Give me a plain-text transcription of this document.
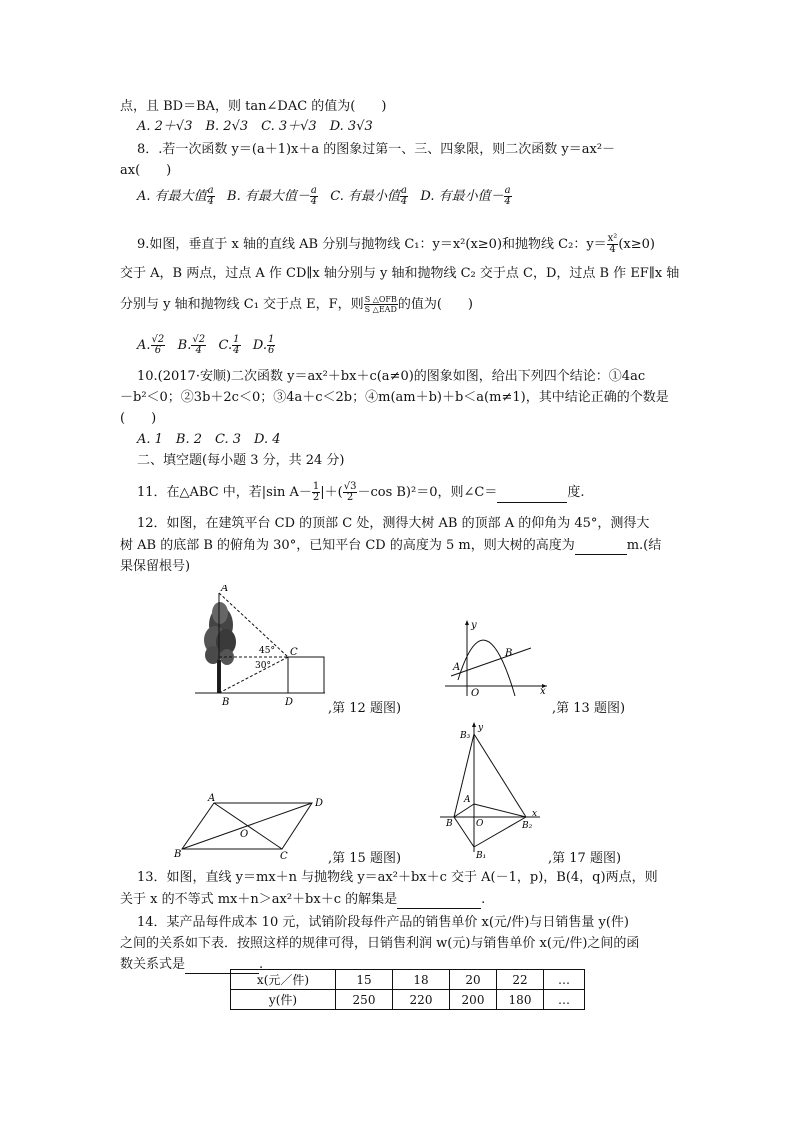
点，且 BD＝BA，则 tan∠DAC 的值为(　　)
A. 2＋√3　B. 2√3　C. 3＋√3　D. 3√3
8．.若一次函数 y＝(a＋1)x＋a 的图象过第一、三、四象限，则二次函数 y＝ax²－
ax(　　)
A. 有最大值 $\frac{a}{4} B$. 有最大值－ $\frac{a}{4} C$. 有最小值 $\frac{a}{4} D$. 有最小值－ $\frac{a}{4}$
9.如图，垂直于 x 轴的直线 AB 分别与抛物线 C₁：y＝x²(x≥0)和抛物线 C₂：$y= \frac{\text{x²}}{4} (x\ge 0)$
交于 A，B 两点，过点 A 作 CD∥x 轴分别与 y 轴和抛物线 C₂ 交于点 C，D，过点 B 作 EF∥x 轴
分别与 y 轴和抛物线 C₁ 交于点 E，F，则 $\frac{\text{S △OFB}}{\text{S △EAD}}$ 的值为(　　)
A. $\frac{√2}{6} B$. $\frac{√2}{4} C$. $\frac{1}{4} D$. $\frac{1}{6}$
10.(2017·安顺)二次函数 y＝ax²＋bx＋c(a≠0)的图象如图，给出下列四个结论：①4ac
－b²＜0；②3b＋2c＜0；③4a＋c＜2b；④m(am＋b)＋b＜a(m≠1)，其中结论正确的个数是
(　　)
A. 1　B. 2　C. 3　D. 4
二、填空题(每小题 3 分，共 24 分)
11．在△ABC 中，若|sin $A- \frac{1}{2}$ |＋( $\frac{√3}{2} -\cos$ B)²＝0，则∠C＝	度.
12．如图，在建筑平台 CD 的顶部 C 处，测得大树 AB 的顶部 A 的仰角为 45°，测得大
树 AB 的底部 B 的俯角为 30°，已知平台 CD 的高度为 5 m，则大树的高度为	m.(结
果保留根号)
A
45°
30°
C
B	D	,第 12 题图)
y
A
B
O	x
,第 13 题图)
A	D
O
B	C	,第 15 题图)
y
B₃
A
B	O	B₂
x
B₁	,第 17 题图)
13．如图，直线 y＝mx＋n 与抛物线 y＝ax²＋bx＋c 交于 A(－1，p)，B(4，q)两点，则
关于 x 的不等式 mx＋n＞ax²＋bx＋c 的解集是	.
14．某产品每件成本 10 元，试销阶段每件产品的销售单价 x(元/件)与日销售量 y(件)
之间的关系如下表．按照这样的规律可得，日销售利润 w(元)与销售单价 x(元/件)之间的函
数关系式是	.
x(元／件)	15	18	20	22	…
y(件)	250	220	200	180	…
